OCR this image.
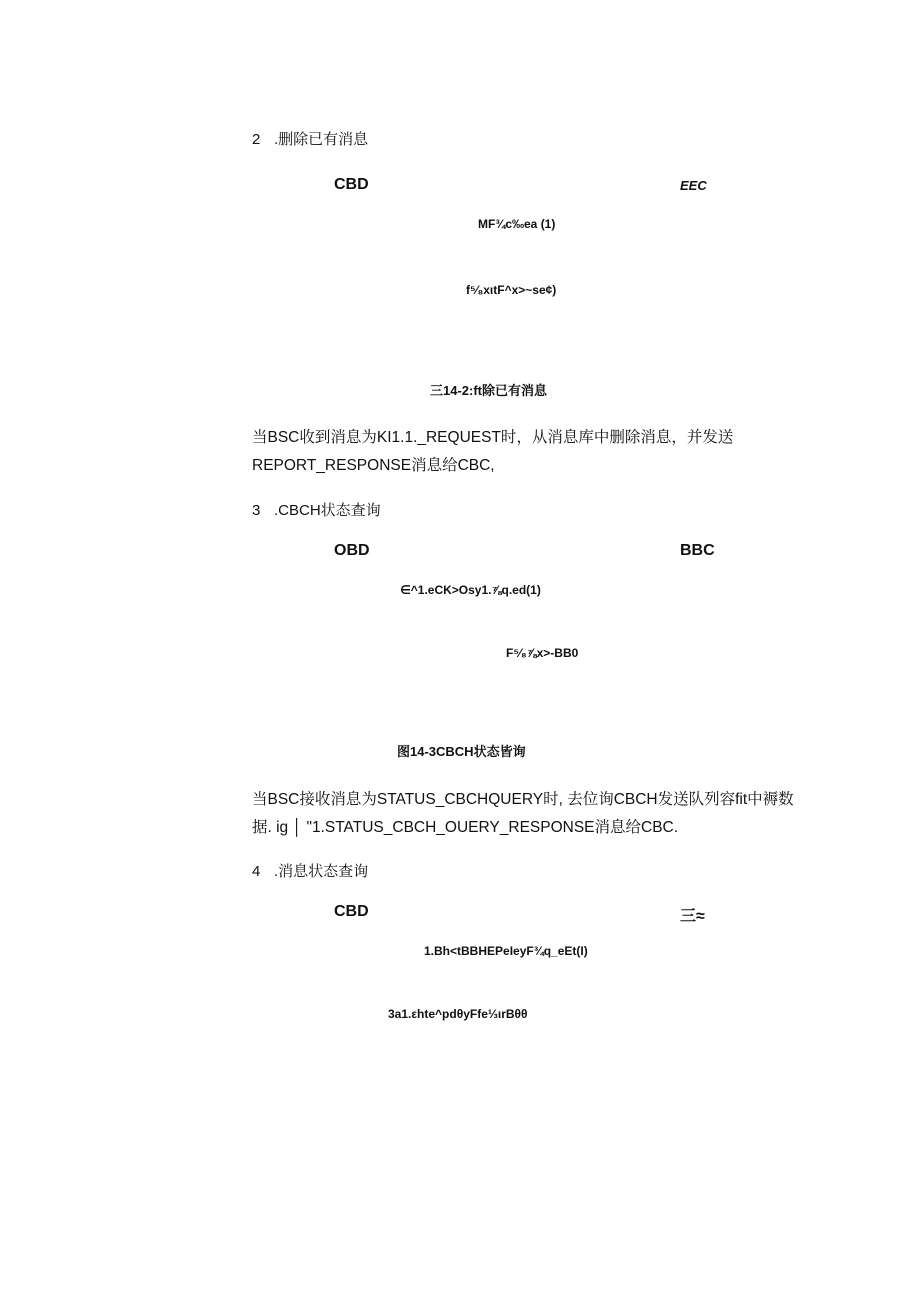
2 .删除已有消息
CBD	EEC
MF¾c‰ea (1)
f⁵⁄₈xιtF^x>~se¢)
三14-2:ft除已有消息
当BSC收到消息为KI1.1._REQUEST时，从消息库中删除消息，并发送
REPORT_RESPONSE消息给CBC,
3 .CBCH状态查询
OBD	BBC
∈^1.eCK>Osy1.⅞q.ed(1)
F⁵⁄₈⅞x>-BB0
图14-3CBCH状态皆询
当BSC接收消息为STATUS_CBCHQUERY时, 去位询CBCH发送队列容fit中褥数
据. ig │ "1.STATUS_CBCH_OUERY_RESPONSE消息给CBC.
4 .消息状态查询
CBD	三≈
1.Bh<tBBHEPeIeyF¾q_eEt(I)
3a1.εhte^pdθyFfe⅓ιrBθθ
